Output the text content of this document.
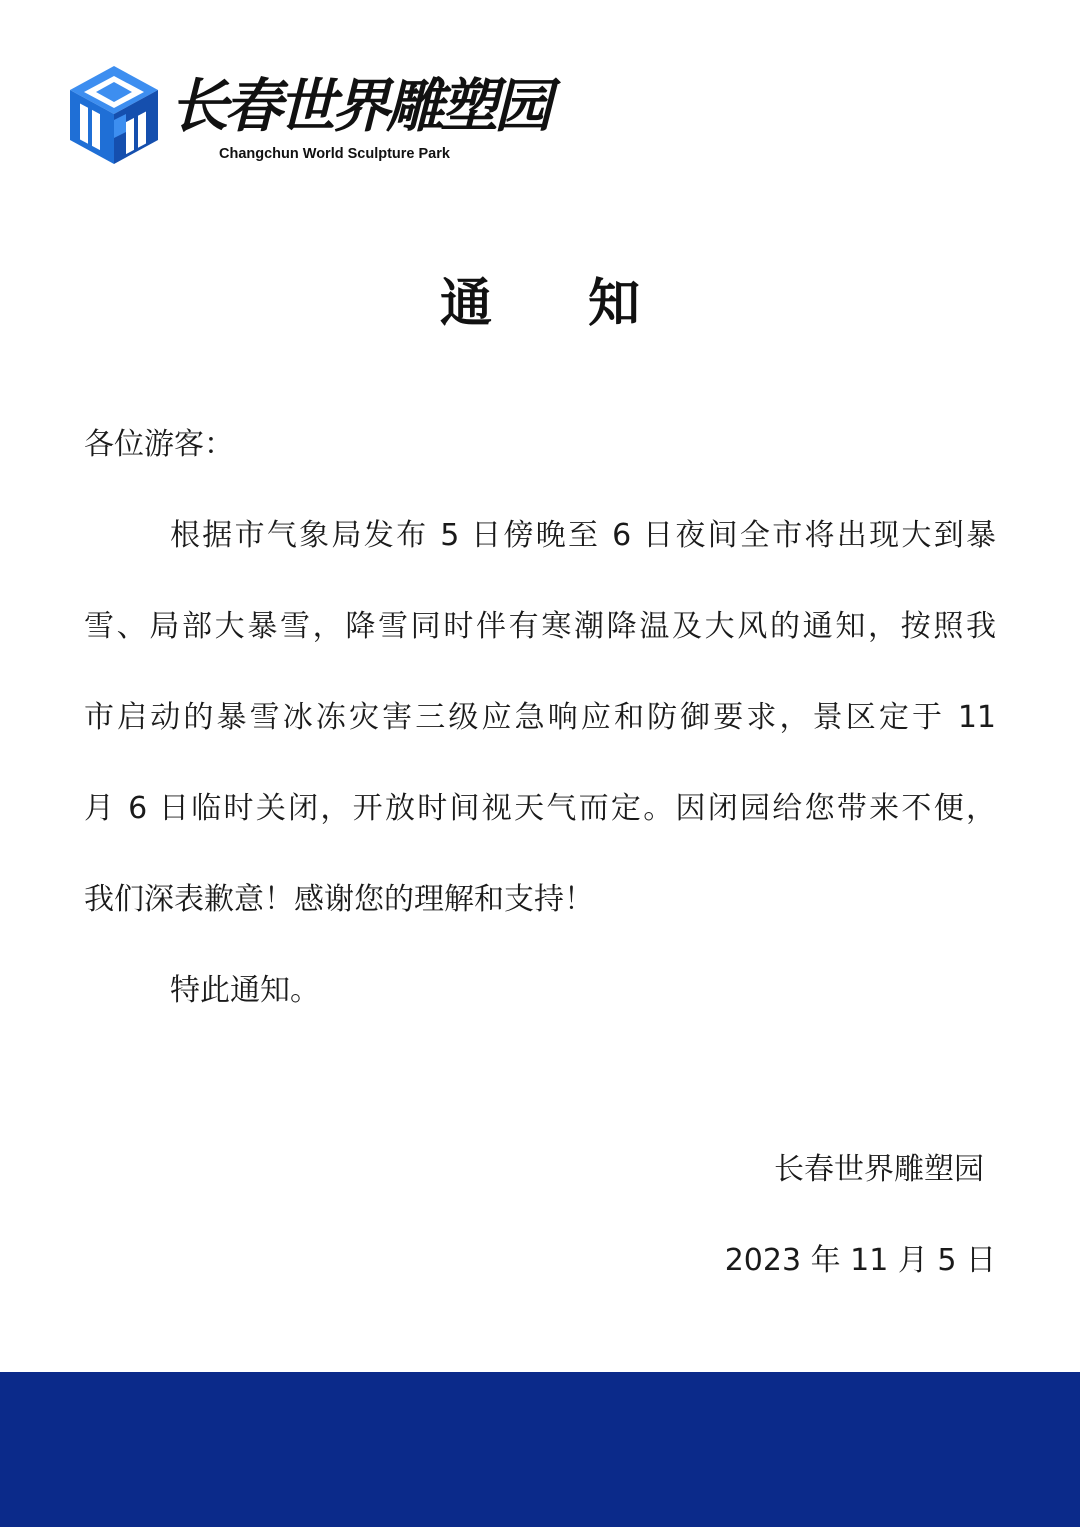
长春世界雕塑园
Changchun World Sculpture Park
通 知
各位游客：
根据市气象局发布 5 日傍晚至 6 日夜间全市将出现大到暴
雪、局部大暴雪，降雪同时伴有寒潮降温及大风的通知，按照我
市启动的暴雪冰冻灾害三级应急响应和防御要求，景区定于 11
月 6 日临时关闭，开放时间视天气而定。因闭园给您带来不便，
我们深表歉意！感谢您的理解和支持！
特此通知。
长春世界雕塑园
2023 年 11 月 5 日
